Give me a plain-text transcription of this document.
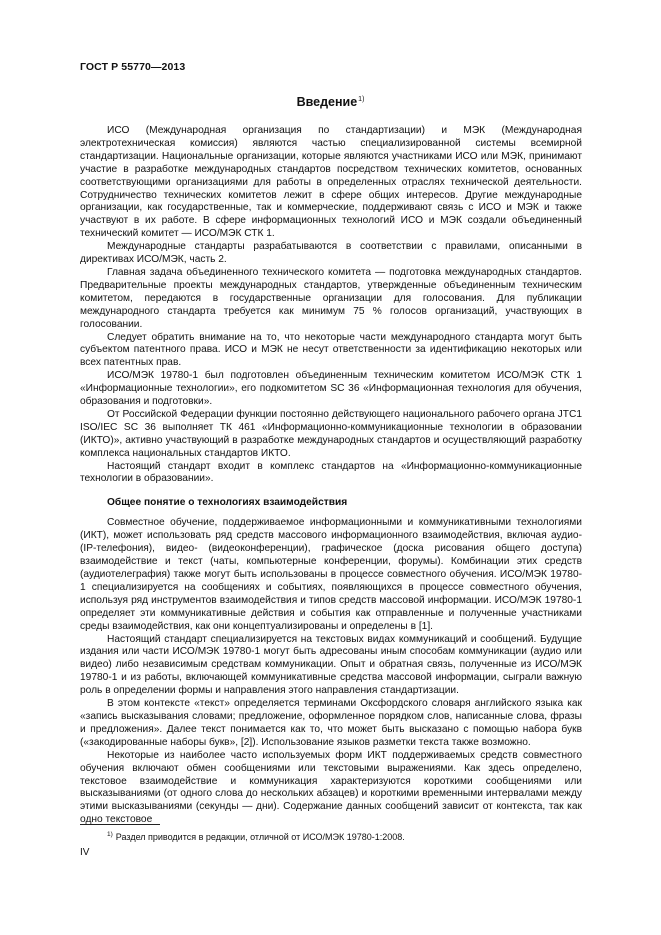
ГОСТ Р 55770—2013
Введение$^{1)}$

ИСО (Международная организация по стандартизации) и МЭК (Международная электротехническая комиссия) являются частью специализированной системы всемирной стандартизации. Национальные организации, которые являются участниками ИСО или МЭК, принимают участие в разработке международных стандартов посредством технических комитетов, основанных соответствующими организациями для работы в определенных отраслях технической деятельности. Сотрудничество технических комитетов лежит в сфере общих интересов. Другие международные организации, как государственные, так и коммерческие, поддерживают связь с ИСО и МЭК и также участвуют в их работе. В сфере информационных технологий ИСО и МЭК создали объединенный технический комитет — ИСО/МЭК СТК 1.

Международные стандарты разрабатываются в соответствии с правилами, описанными в директивах ИСО/МЭК, часть 2.

Главная задача объединенного технического комитета — подготовка международных стандартов. Предварительные проекты международных стандартов, утвержденные объединенным техническим комитетом, передаются в государственные организации для голосования. Для публикации международного стандарта требуется как минимум 75 % голосов организаций, участвующих в голосовании.

Следует обратить внимание на то, что некоторые части международного стандарта могут быть субъектом патентного права. ИСО и МЭК не несут ответственности за идентификацию некоторых или всех патентных прав.

ИСО/МЭК 19780-1 был подготовлен объединенным техническим комитетом ИСО/МЭК СТК 1 «Информационные технологии», его подкомитетом SC 36 «Информационная технология для обучения, образования и подготовки».

От Российской Федерации функции постоянно действующего национального рабочего органа JTC1 ISO/IEC SC 36 выполняет ТК 461 «Информационно-коммуникационные технологии в образовании (ИКТО)», активно участвующий в разработке международных стандартов и осуществляющий разработку комплекса национальных стандартов ИКТО.

Настоящий стандарт входит в комплекс стандартов на «Информационно-коммуникационные технологии в образовании».

Общее понятие о технологиях взаимодействия

Совместное обучение, поддерживаемое информационными и коммуникативными технологиями (ИКТ), может использовать ряд средств массового информационного взаимодействия, включая аудио- (IP-телефония), видео- (видеоконференции), графическое (доска рисования общего доступа) взаимодействие и текст (чаты, компьютерные конференции, форумы). Комбинации этих средств (аудиотелеграфия) также могут быть использованы в процессе совместного обучения. ИСО/МЭК 19780-1 специализируется на сообщениях и событиях, появляющихся в процессе совместного обучения, используя ряд инструментов взаимодействия и типов средств массовой информации. ИСО/МЭК 19780-1 определяет эти коммуникативные действия и события как отправленные и полученные участниками среды взаимодействия, как они концептуализированы и определены в [1].

Настоящий стандарт специализируется на текстовых видах коммуникаций и сообщений. Будущие издания или части ИСО/МЭК 19780-1 могут быть адресованы иным способам коммуникации (аудио или видео) либо независимым средствам коммуникации. Опыт и обратная связь, полученные из ИСО/МЭК 19780-1 и из работы, включающей коммуникативные средства массовой информации, сыграли важную роль в определении формы и направления этого направления стандартизации.

В этом контексте «текст» определяется терминами Оксфордского словаря английского языка как «запись высказывания словами; предложение, оформленное порядком слов, написанные слова, фразы и предложения». Далее текст понимается как то, что может быть высказано с помощью набора букв («закодированные наборы букв», [2]). Использование языков разметки текста также возможно.

Некоторые из наиболее часто используемых форм ИКТ поддерживаемых средств совместного обучения включают обмен сообщениями или текстовыми выражениями. Как здесь определено, текстовое взаимодействие и коммуникация характеризуются короткими сообщениями или высказываниями (от одного слова до нескольких абзацев) и короткими временными интервалами между этими высказываниями (секунды — дни). Содержание данных сообщений зависит от контекста, так как одно текстовое

$^{1)}$ Раздел приводится в редакции, отличной от ИСО/МЭК 19780-1:2008.
IV
